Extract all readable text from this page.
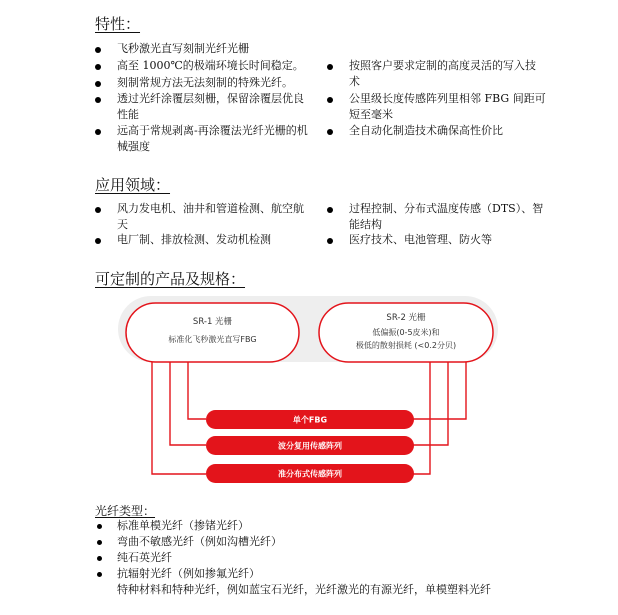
特性：
飞秒激光直写刻制光纤光栅
高至 1000℃的极端环境长时间稳定。
刻制常规方法无法刻制的特殊光纤。
透过光纤涂覆层刻栅，保留涂覆层优良
性能
远高于常规剥离-再涂覆法光纤光栅的机
械强度
按照客户要求定制的高度灵活的写入技
术
公里级长度传感阵列里相邻 FBG 间距可
短至毫米
全自动化制造技术确保高性价比
应用领域：
风力发电机、油井和管道检测、航空航
天
电厂制、排放检测、发动机检测
过程控制、分布式温度传感（DTS）、智
能结构
医疗技术、电池管理、防火等
可定制的产品及规格：
SR-1 光栅
标准化飞秒激光直写FBG
SR-2 光栅
低偏振(0-5皮米)和
极低的散射损耗 (<0.2分贝)
单个FBG
波分复用传感阵列
准分布式传感阵列
光纤类型：
标准单模光纤（掺锗光纤）
弯曲不敏感光纤（例如沟槽光纤）
纯石英光纤
抗辐射光纤（例如掺氟光纤）
特种材料和特种光纤，例如蓝宝石光纤，光纤激光的有源光纤，单模塑料光纤
